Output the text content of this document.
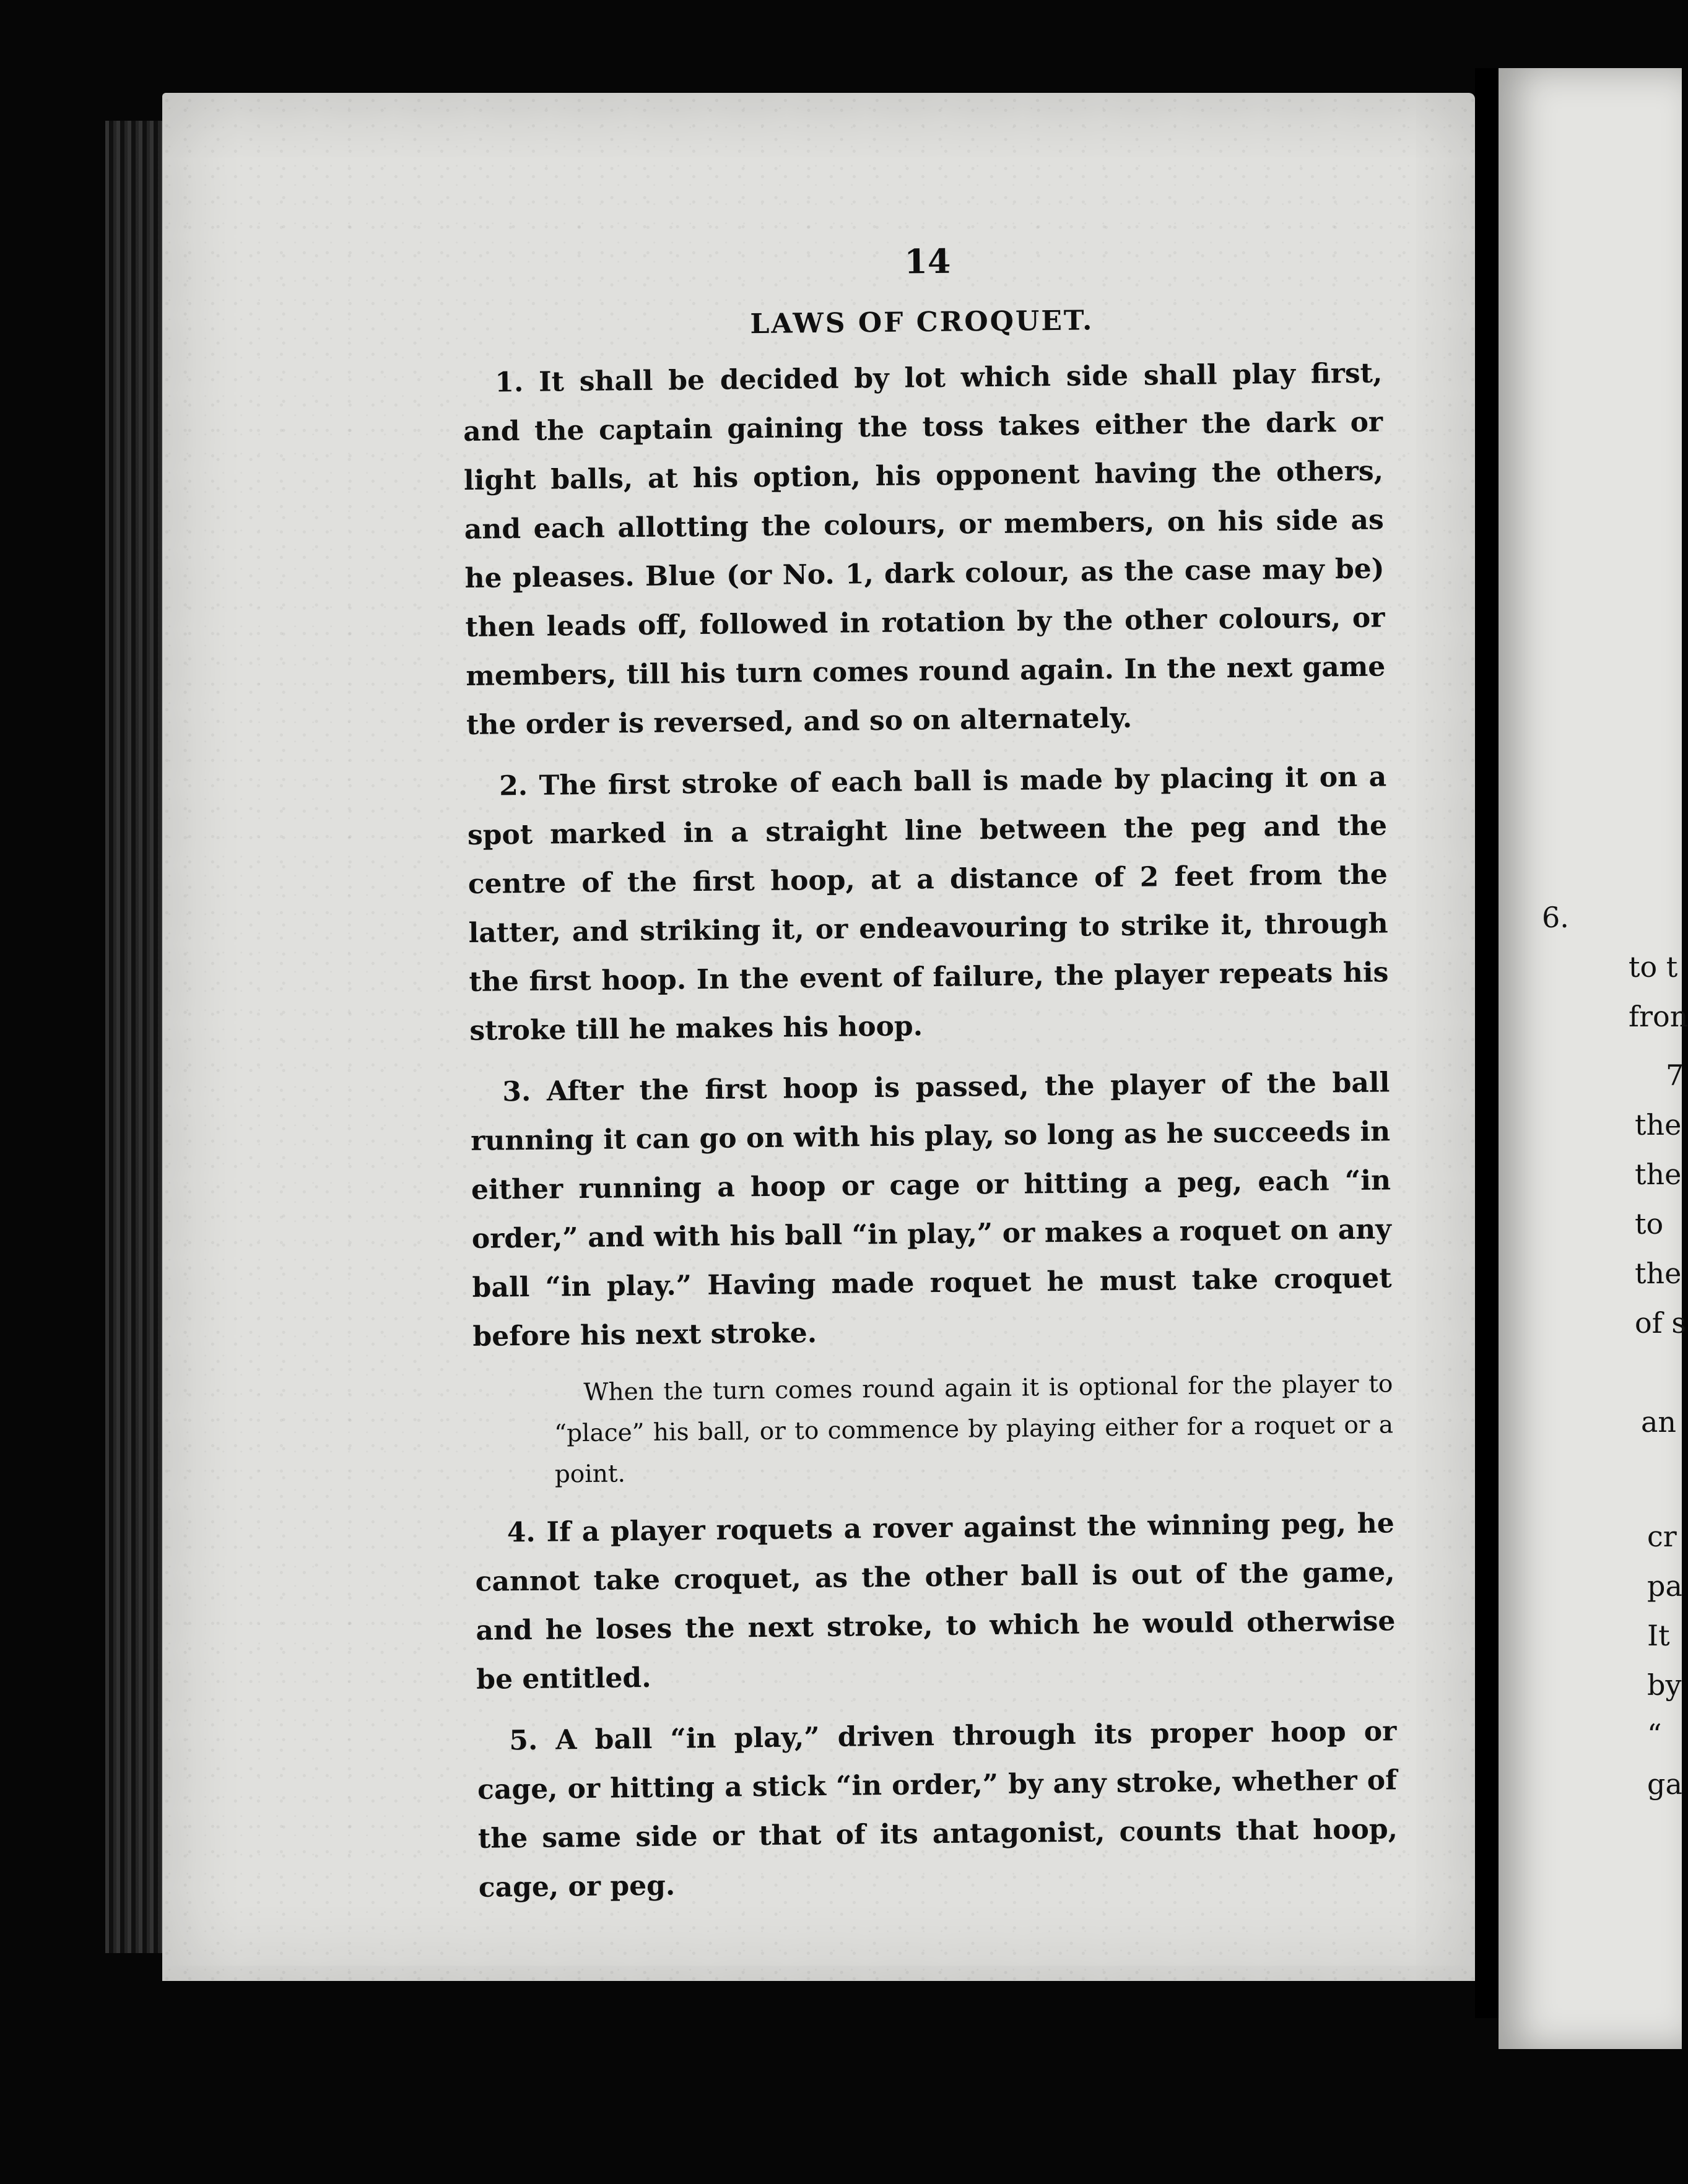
14
LAWS OF CROQUET.

1. It shall be decided by lot which side shall play first, and the captain gaining the toss takes either the dark or light balls, at his option, his opponent having the others, and each allotting the colours, or members, on his side as he pleases. Blue (or No. 1, dark colour, as the case may be) then leads off, followed in rotation by the other colours, or members, till his turn comes round again. In the next game the order is reversed, and so on alternately.

2. The first stroke of each ball is made by placing it on a spot marked in a straight line between the peg and the centre of the first hoop, at a distance of 2 feet from the latter, and striking it, or endeavouring to strike it, through the first hoop. In the event of failure, the player repeats his stroke till he makes his hoop.

3. After the first hoop is passed, the player of the ball running it can go on with his play, so long as he succeeds in either running a hoop or cage or hitting a peg, each “in order,” and with his ball “in play,” or makes a roquet on any ball “in play.” Having made roquet he must take croquet before his next stroke.

When the turn comes round again it is optional for the player to “place” his ball, or to commence by playing either for a roquet or a point.

4. If a player roquets a rover against the winning peg, he cannot take croquet, as the other ball is out of the game, and he loses the next stroke, to which he would otherwise be entitled.

5. A ball “in play,” driven through its proper hoop or cage, or hitting a stick “in order,” by any stroke, whether of the same side or that of its antagonist, counts that hoop, cage, or peg.

6.
to t
fron
7
the
the
to
the
of s
an
cr
pa
It
by
“
ga
